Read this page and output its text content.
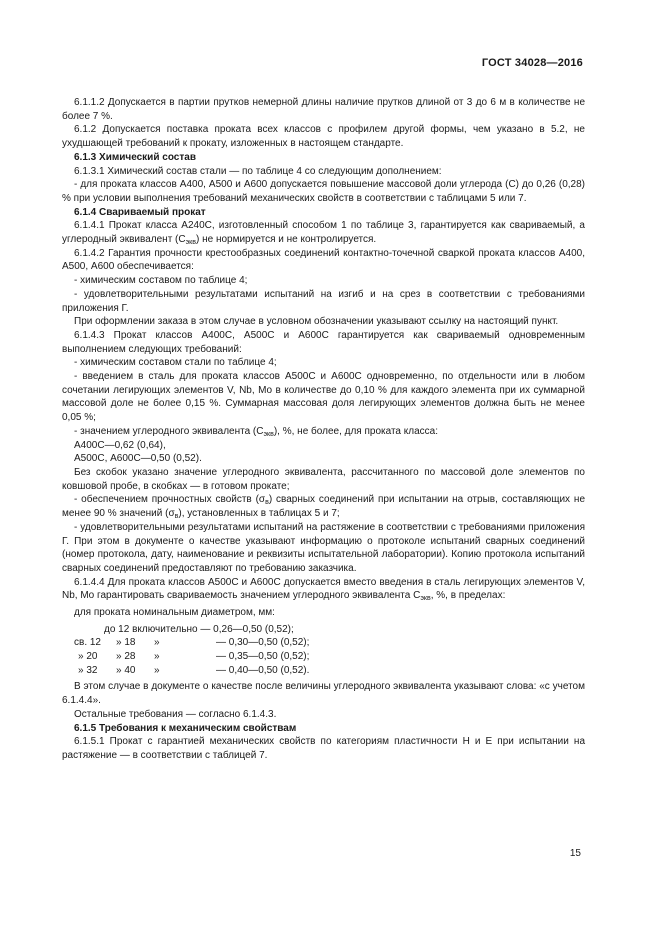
ГОСТ 34028—2016

6.1.1.2 Допускается в партии прутков немерной длины наличие прутков длиной от 3 до 6 м в количестве не более 7 %.

6.1.2 Допускается поставка проката всех классов с профилем другой формы, чем указано в 5.2, не ухудшающей требований к прокату, изложенных в настоящем стандарте.

6.1.3 Химический состав

6.1.3.1 Химический состав стали — по таблице 4 со следующим дополнением:

- для проката классов А400, А500 и А600 допускается повышение массовой доли углерода (С) до 0,26 (0,28) % при условии выполнения требований механических свойств в соответствии с таблицами 5 или 7.

6.1.4 Свариваемый прокат

6.1.4.1 Прокат класса А240С, изготовленный способом 1 по таблице 3, гарантируется как свариваемый, а углеродный эквивалент $(С_{экв})$ не нормируется и не контролируется.

6.1.4.2 Гарантия прочности крестообразных соединений контактно-точечной сваркой проката классов А400, А500, А600 обеспечивается:

- химическим составом по таблице 4;

- удовлетворительными результатами испытаний на изгиб и на срез в соответствии с требованиями приложения Г.

При оформлении заказа в этом случае в условном обозначении указывают ссылку на настоящий пункт.

6.1.4.3 Прокат классов А400С, А500С и А600С гарантируется как свариваемый одновременным выполнением следующих требований:

- химическим составом стали по таблице 4;

- введением в сталь для проката классов А500С и А600С одновременно, по отдельности или в любом сочетании легирующих элементов V, Nb, Mo в количестве до 0,10 % для каждого элемента при их суммарной массовой доле не более 0,15 %. Суммарная массовая доля легирующих элементов должна быть не менее 0,05 %;

- значением углеродного эквивалента $(С_{экв})$, %, не более, для проката класса:

А400С—0,62 (0,64),

А500С, А600С—0,50 (0,52).

Без скобок указано значение углеродного эквивалента, рассчитанного по массовой доле элементов по ковшовой пробе, в скобках — в готовом прокате;

- обеспечением прочностных свойств $(\sigma_в)$ сварных соединений при испытании на отрыв, составляющих не менее 90 % значений $(\sigma_в)$, установленных в таблицах 5 и 7;

- удовлетворительными результатами испытаний на растяжение в соответствии с требованиями приложения Г. При этом в документе о качестве указывают информацию о протоколе испытаний сварных соединений (номер протокола, дату, наименование и реквизиты испытательной лаборатории). Копию протокола испытаний сварных соединений предоставляют по требованию заказчика.

6.1.4.4 Для проката классов А500С и А600С допускается вместо введения в сталь легирующих элементов V, Nb, Mo гарантировать свариваемость значением углеродного эквивалента $С_{экв}$, %, в пределах:

для проката номинальным диаметром, мм:

до 12 включительно — 0,26—0,50 (0,52);
св. 12	» 18	»	— 0,30—0,50 (0,52);
» 20	» 28	»	— 0,35—0,50 (0,52);
» 32	» 40	»	— 0,40—0,50 (0,52).

В этом случае в документе о качестве после величины углеродного эквивалента указывают слова: «с учетом 6.1.4.4».

Остальные требования — согласно 6.1.4.3.

6.1.5 Требования к механическим свойствам

6.1.5.1 Прокат с гарантией механических свойств по категориям пластичности Н и Е при испытании на растяжение — в соответствии с таблицей 7.

15
